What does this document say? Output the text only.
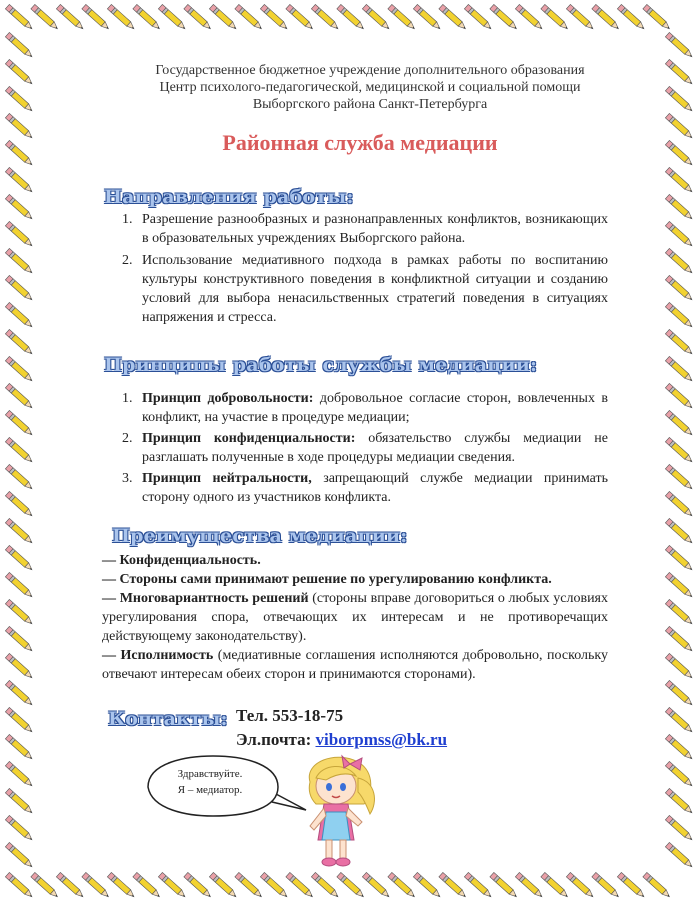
Государственное бюджетное учреждение дополнительного образования
Центр психолого-педагогической, медицинской и социальной помощи
Выборгского района Санкт-Петербурга
Районная служба медиации
Направления работы:
1. Разрешение разнообразных и разнонаправленных конфликтов, возникающих в образовательных учреждениях Выборгского района.
2. Использование медиативного подхода в рамках работы по воспитанию культуры конструктивного поведения в конфликтной ситуации и созданию условий для выбора ненасильственных стратегий поведения в ситуациях напряжения и стресса.
Принципы работы службы медиации:
1. Принцип добровольности: добровольное согласие сторон, вовлеченных в конфликт, на участие в процедуре медиации;
2. Принцип конфиденциальности: обязательство службы медиации не разглашать полученные в ходе процедуры медиации сведения.
3. Принцип нейтральности, запрещающий службе медиации принимать сторону одного из участников конфликта.
Преимущества медиации:

— Конфиденциальность.

— Стороны сами принимают решение по урегулированию конфликта.

— Многовариантность решений (стороны вправе договориться о любых условиях урегулирования спора, отвечающих их интересам и не противоречащих действующему законодательству).

— Исполнимость (медиативные соглашения исполняются добровольно, поскольку отвечают интересам обеих сторон и принимаются сторонами).

Контакты: Тел. 553-18-75
Эл.почта: viborpmss@bk.ru
Здравствуйте.
Я – медиатор.
